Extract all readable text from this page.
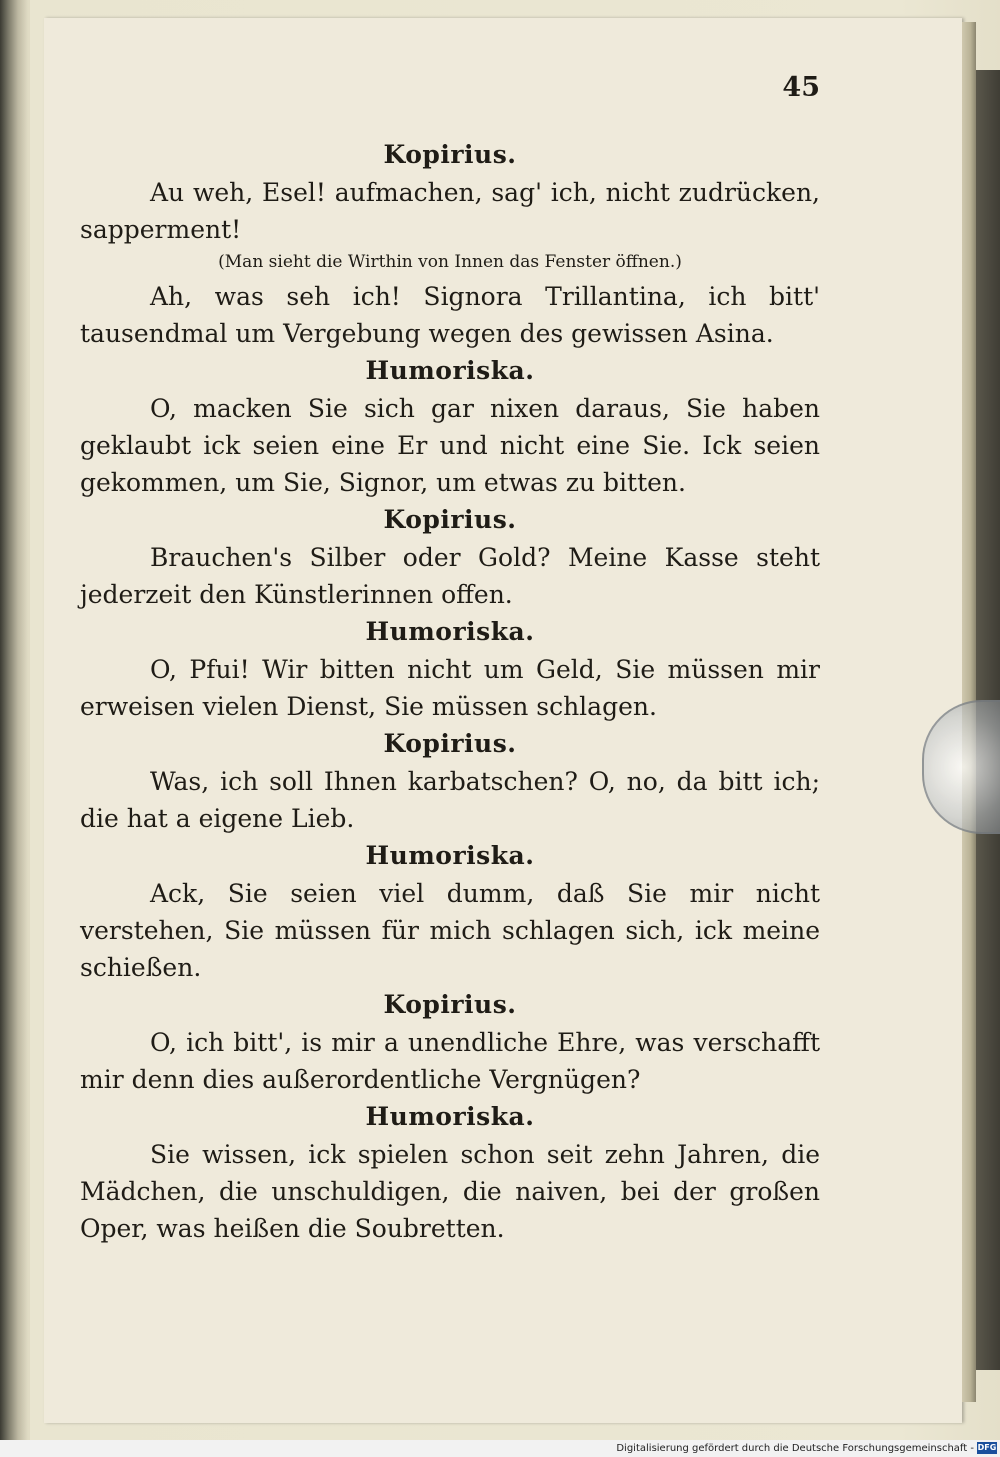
45
Kopirius.

Au weh, Esel! aufmachen, sag' ich, nicht zudrücken, sapperment!

(Man sieht die Wirthin von Innen das Fenster öffnen.)

Ah, was seh ich! Signora Trillantina, ich bitt' tausendmal um Vergebung wegen des gewissen Asina.

Humoriska.

O, macken Sie sich gar nixen daraus, Sie haben geklaubt ick seien eine Er und nicht eine Sie. Ick seien gekommen, um Sie, Signor, um etwas zu bitten.

Kopirius.

Brauchen's Silber oder Gold? Meine Kasse steht jederzeit den Künstlerinnen offen.

Humoriska.

O, Pfui! Wir bitten nicht um Geld, Sie müssen mir erweisen vielen Dienst, Sie müssen schlagen.

Kopirius.

Was, ich soll Ihnen karbatschen? O, no, da bitt ich; die hat a eigene Lieb.

Humoriska.

Ack, Sie seien viel dumm, daß Sie mir nicht verstehen, Sie müssen für mich schlagen sich, ick meine schießen.

Kopirius.

O, ich bitt', is mir a unendliche Ehre, was verschafft mir denn dies außerordentliche Vergnügen?

Humoriska.

Sie wissen, ick spielen schon seit zehn Jahren, die Mädchen, die unschuldigen, die naiven, bei der großen Oper, was heißen die Soubretten.

Digitalisierung gefördert durch die Deutsche Forschungsgemeinschaft - DFG
